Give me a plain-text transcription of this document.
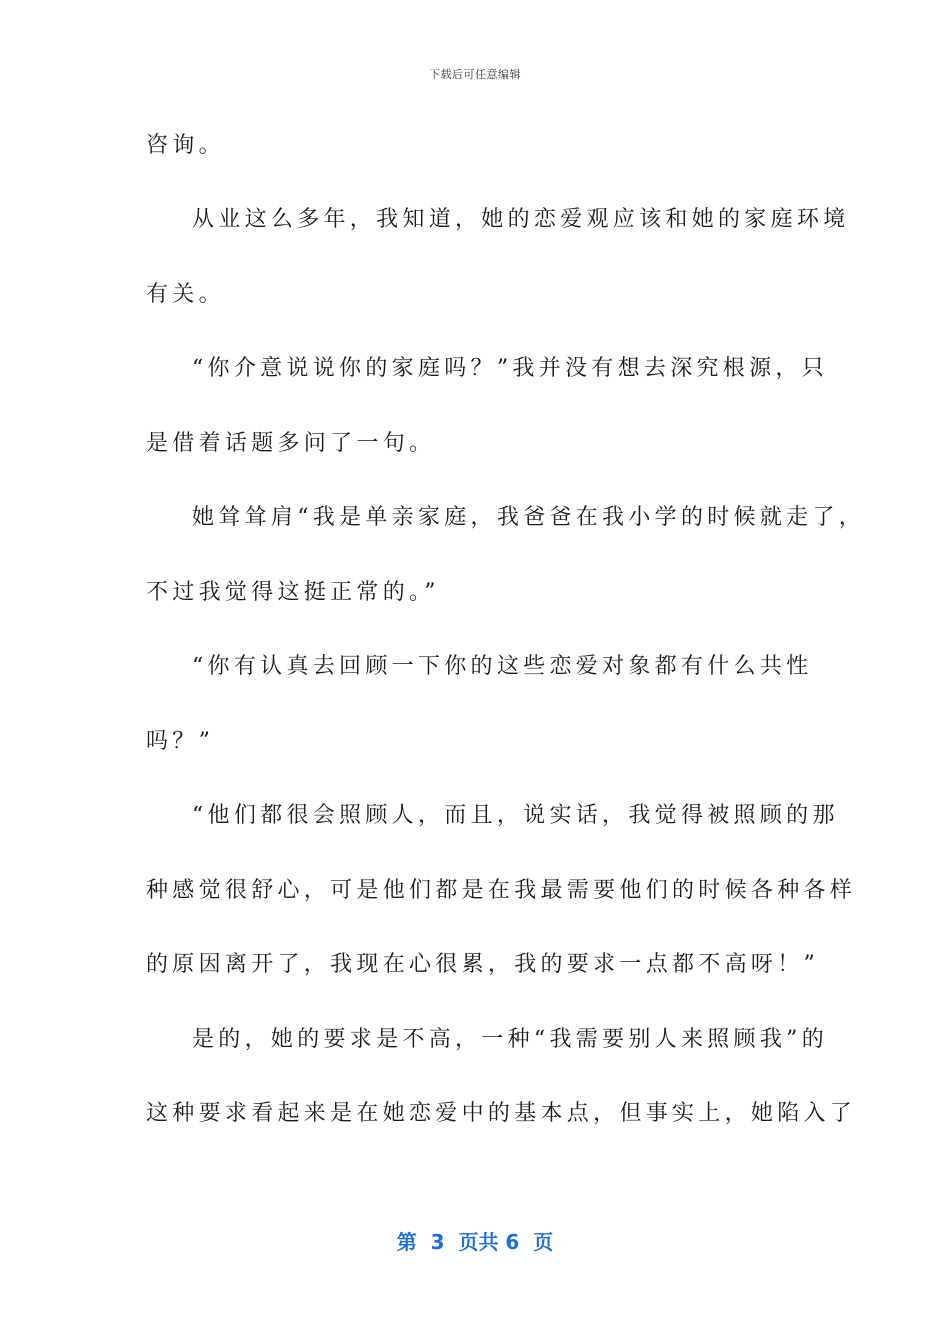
下载后可任意编辑
咨询。
从业这么多年，我知道，她的恋爱观应该和她的家庭环境
有关。
“你介意说说你的家庭吗？”我并没有想去深究根源，只
是借着话题多问了一句。
她耸耸肩“我是单亲家庭，我爸爸在我小学的时候就走了，
不过我觉得这挺正常的。”
“你有认真去回顾一下你的这些恋爱对象都有什么共性
吗？”
“他们都很会照顾人，而且，说实话，我觉得被照顾的那
种感觉很舒心，可是他们都是在我最需要他们的时候各种各样
的原因离开了，我现在心很累，我的要求一点都不高呀！”
是的，她的要求是不高，一种“我需要别人来照顾我”的
这种要求看起来是在她恋爱中的基本点，但事实上，她陷入了
第  3  页共 6  页
